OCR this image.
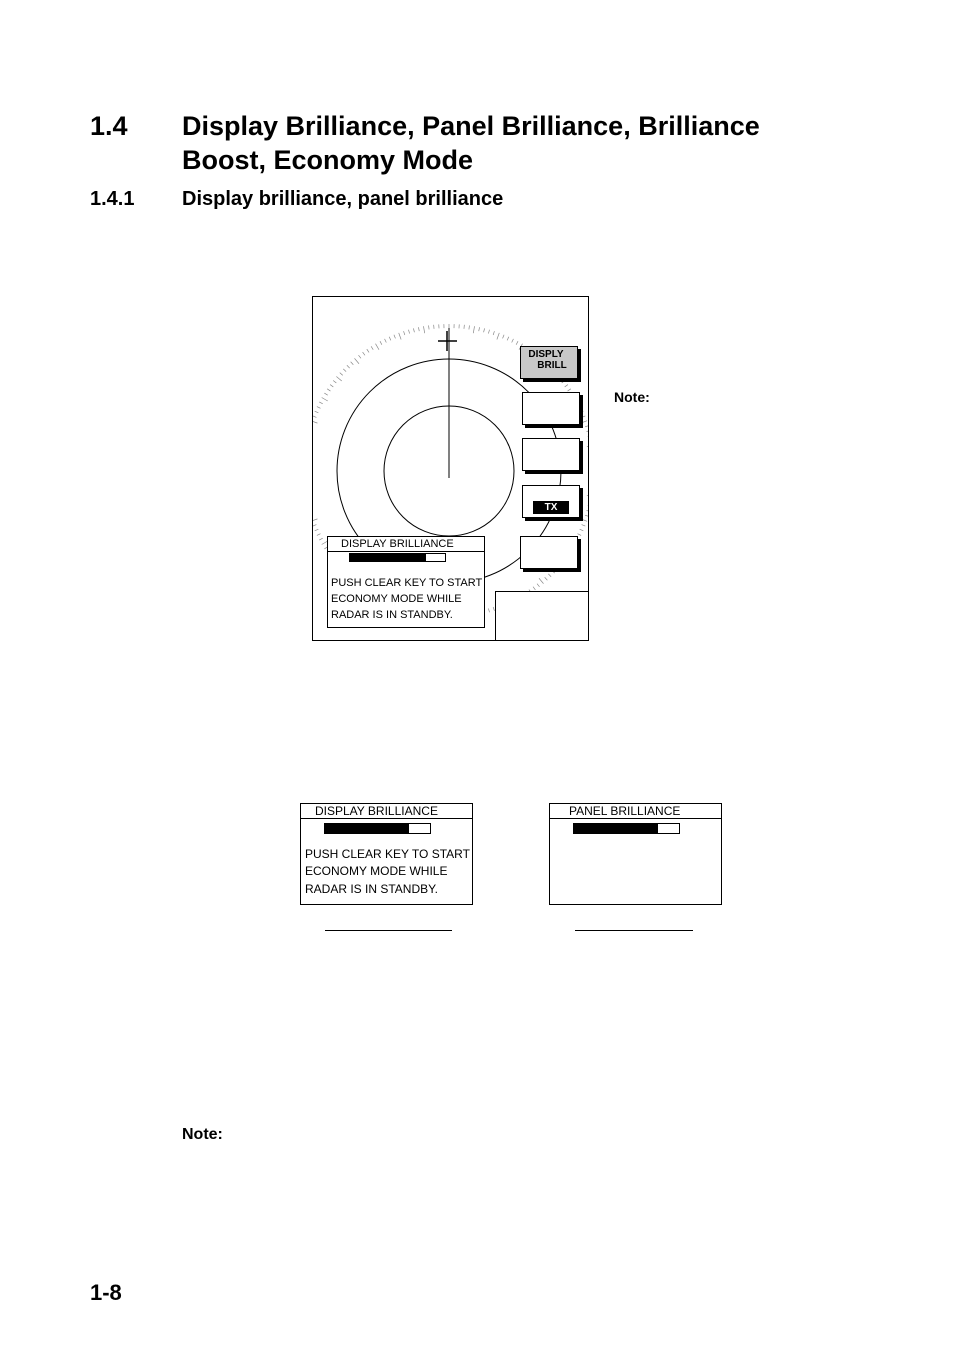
1.4 Display Brilliance, Panel Brilliance, Brilliance
Boost, Economy Mode
1.4.1 Display brilliance, panel brilliance
DISPLY
BRILL
TX
DISPLAY BRILLIANCE
PUSH CLEAR KEY TO START
ECONOMY MODE WHILE
RADAR IS IN STANDBY.
Note:
DISPLAY BRILLIANCE
PUSH CLEAR KEY TO START
ECONOMY MODE WHILE
RADAR IS IN STANDBY.
PANEL BRILLIANCE
Note:
1-8
